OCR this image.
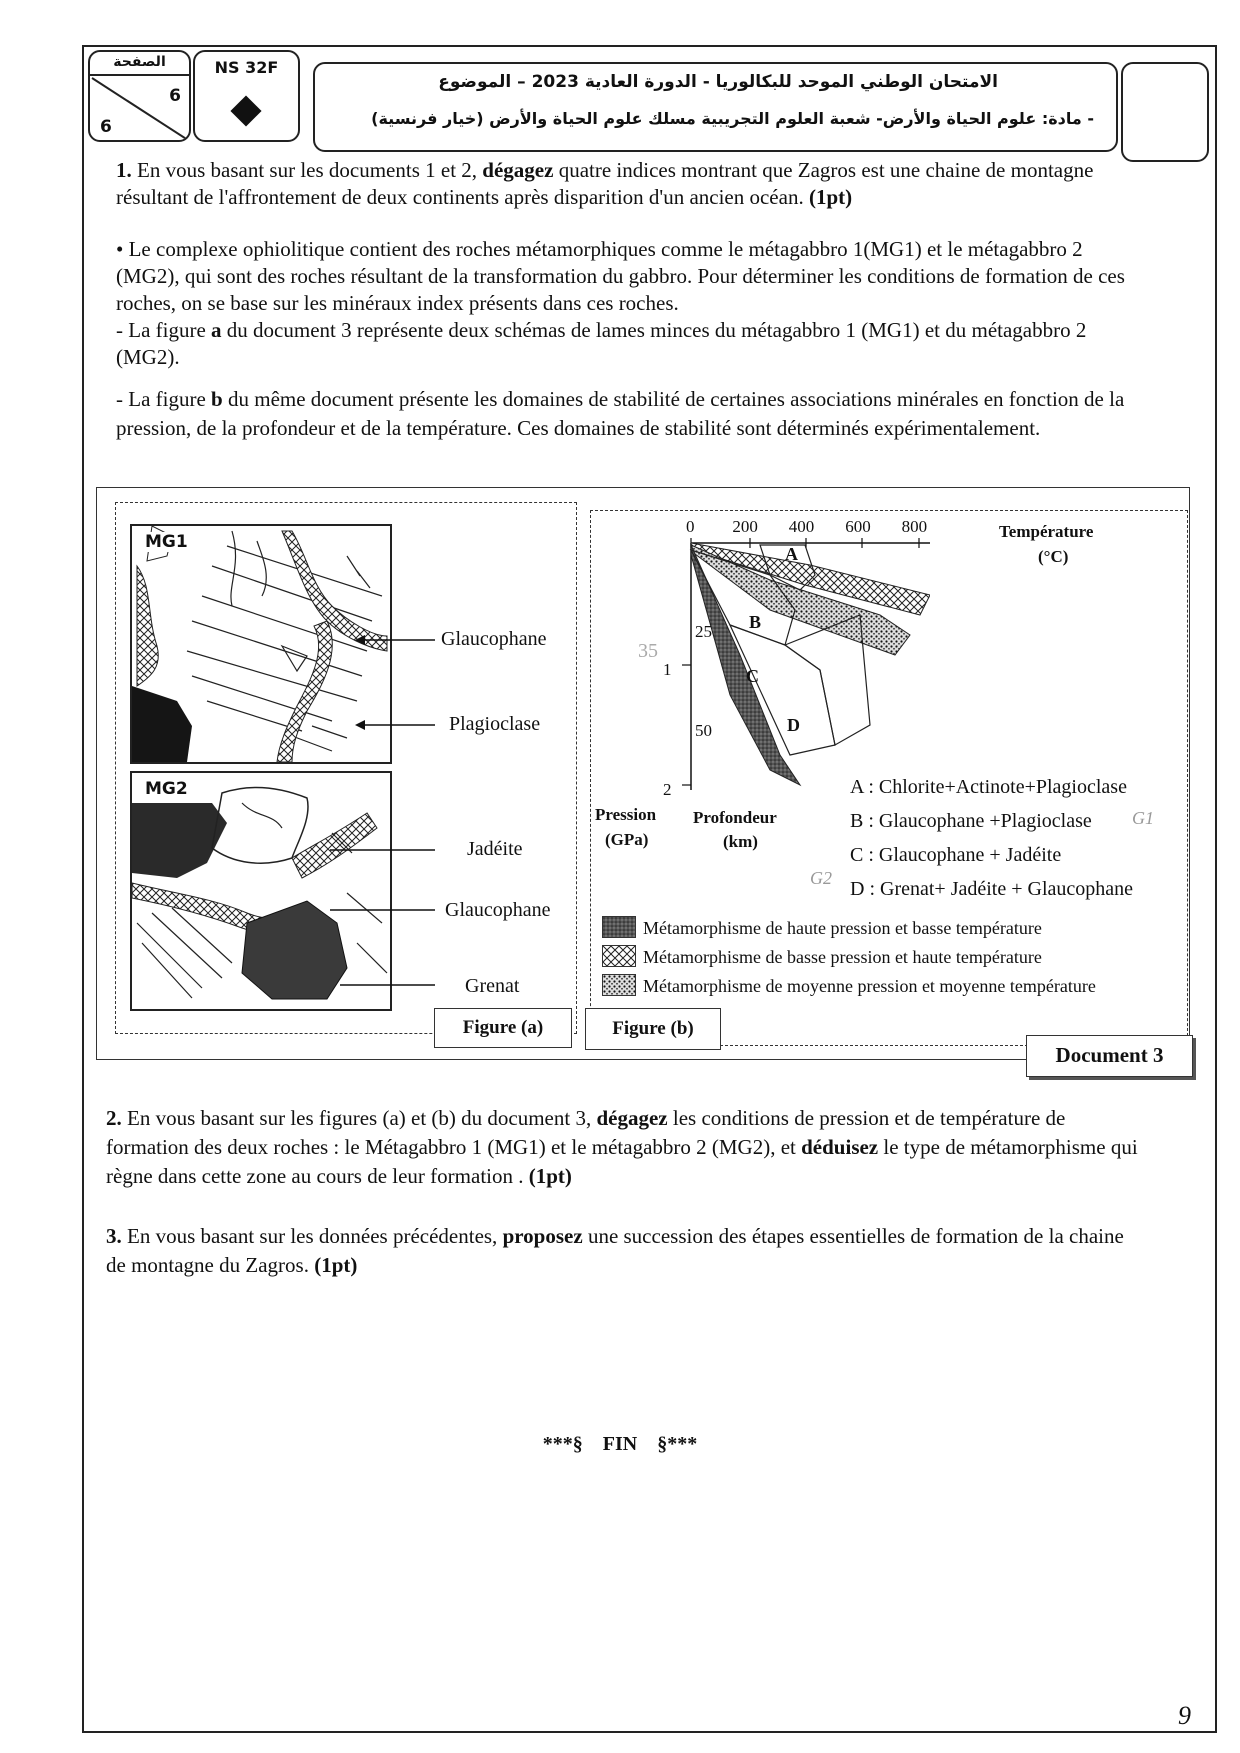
الصفحة
6
6
NS 32F
الامتحان الوطني الموحد للبكالوريا - الدورة العادية 2023 – الموضوع
- مادة: علوم الحياة والأرض- شعبة العلوم التجريبية مسلك علوم الحياة والأرض (خيار فرنسية)

1. En vous basant sur les documents 1 et 2, dégagez quatre indices montrant que Zagros est une chaine de montagne résultant de l'affrontement de deux continents après disparition d'un ancien océan. (1pt)

• Le complexe ophiolitique contient des roches métamorphiques comme le métagabbro 1(MG1) et le métagabbro 2 (MG2), qui sont des roches résultant de la transformation du gabbro. Pour déterminer les conditions de formation de ces roches, on se base sur les minéraux index présents dans ces roches.

- La figure a du document 3 représente deux schémas de lames minces du métagabbro 1 (MG1) et du métagabbro 2 (MG2).

- La figure b du même document présente les domaines de stabilité de certaines associations minérales en fonction de la pression, de la profondeur et de la température. Ces domaines de stabilité sont déterminés expérimentalement.

MG1
MG2
Glaucophane
Plagioclase
Jadéite
Glaucophane
Grenat
Figure (a)
0 200 400 600 800
1
2
25
50
A
B
C
D
Température
(°C)
Pression
(GPa)
Profondeur
(km)
35
A : Chlorite+Actinote+Plagioclase
B : Glaucophane +Plagioclase
C : Glaucophane + Jadéite
D : Grenat+ Jadéite + Glaucophane
G1
G2
Métamorphisme de haute pression et basse température
Métamorphisme de basse pression et haute température
Métamorphisme de moyenne pression et moyenne température
Figure (b)
Document 3

2. En vous basant sur les figures (a) et (b) du document 3, dégagez les conditions de pression et de température de formation des deux roches : le Métagabbro 1 (MG1) et le métagabbro 2 (MG2), et déduisez le type de métamorphisme qui règne dans cette zone au cours de leur formation . (1pt)

3. En vous basant sur les données précédentes, proposez une succession des étapes essentielles de formation de la chaine de montagne du Zagros. (1pt)

***§    FIN    §***
9
